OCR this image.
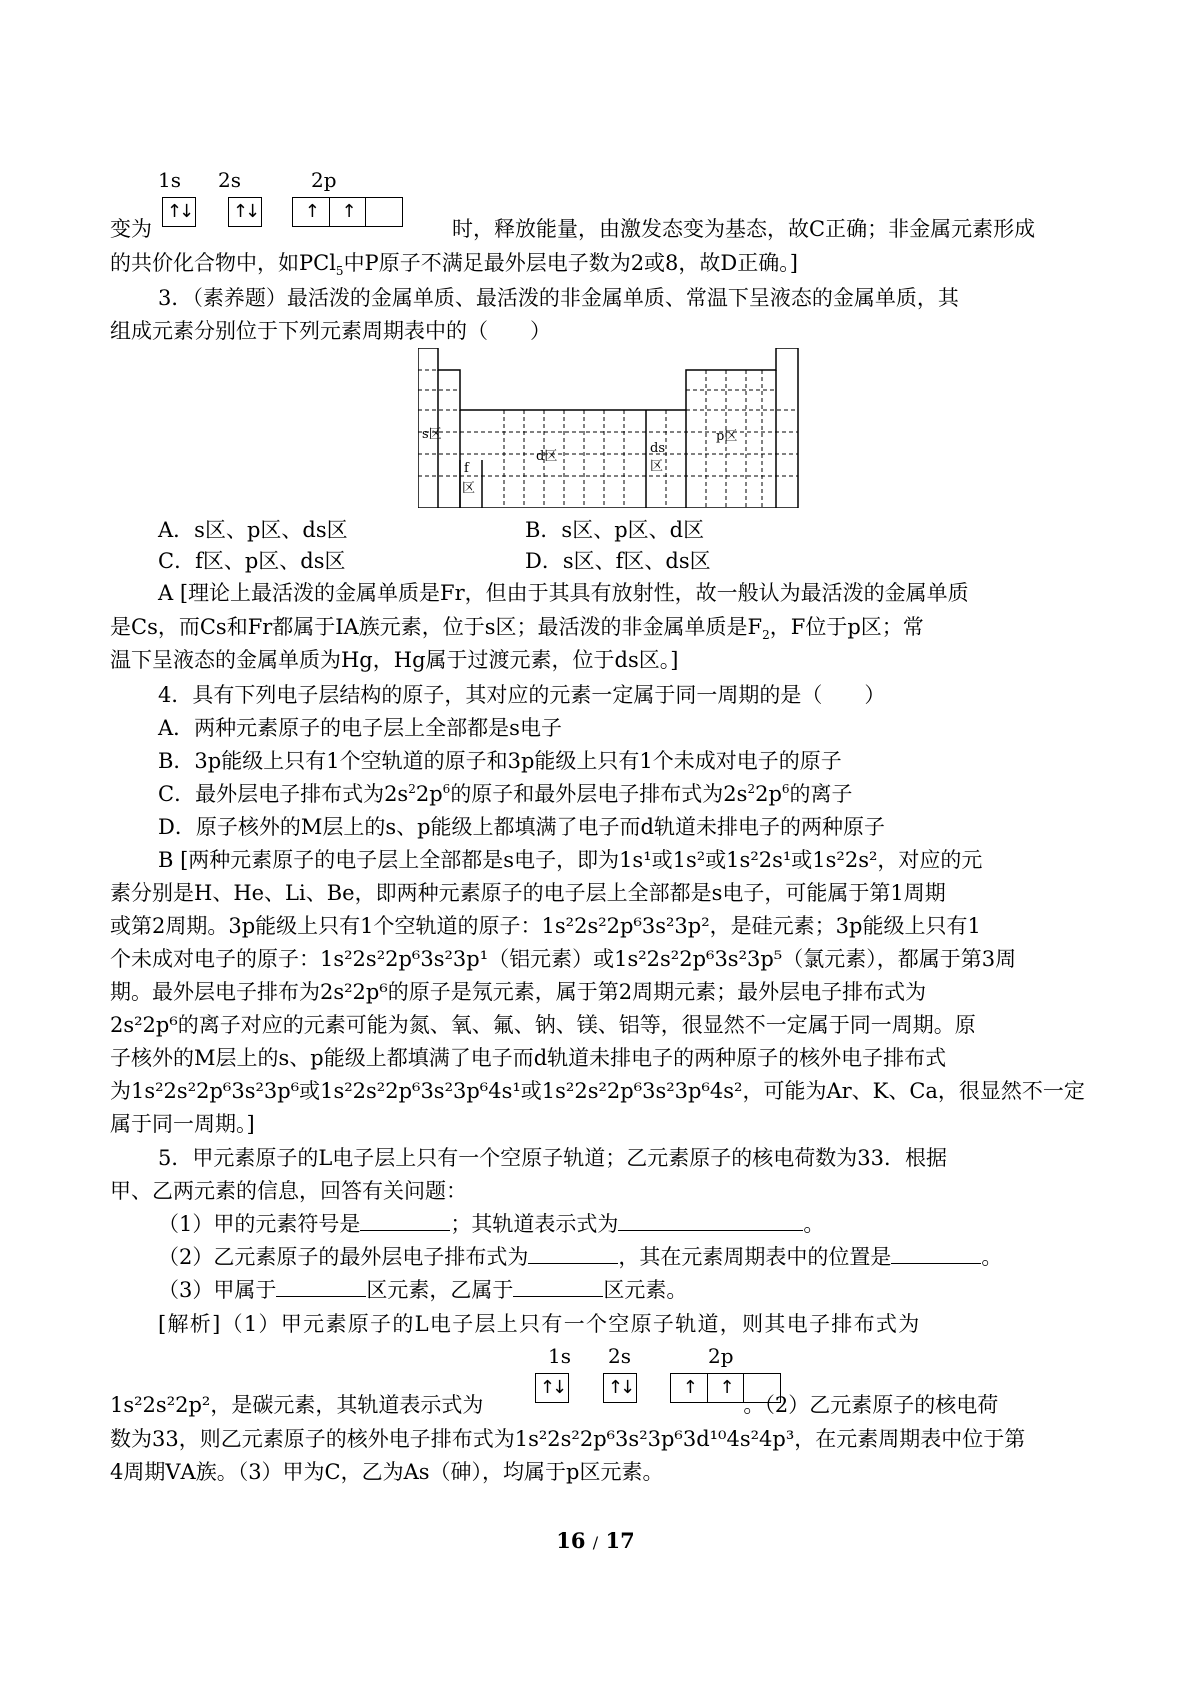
1s 2s	2p
↑↓ ↑↓	↑ ↑
变为	时，释放能量，由激发态变为基态，故C正确；非金属元素形成
的共价化合物中，如PCl$_5$中P原子不满足最外层电子数为2或8，故D正确。]
3．（素养题）最活泼的金属单质、最活泼的非金属单质、常温下呈液态的金属单质，其
组成元素分别位于下列元素周期表中的（　　）
s区
f
区
d区
ds
区
p区
A．s区、p区、ds区	B．s区、p区、d区
C．f区、p区、ds区	D．s区、f区、ds区
A [理论上最活泼的金属单质是Fr，但由于其具有放射性，故一般认为最活泼的金属单质
是Cs，而Cs和Fr都属于ⅠA族元素，位于s区；最活泼的非金属单质是$F_2$，F位于p区；常
温下呈液态的金属单质为Hg，Hg属于过渡元素，位于ds区。]
4．具有下列电子层结构的原子，其对应的元素一定属于同一周期的是（　　）
A．两种元素原子的电子层上全部都是s电子
B．3p能级上只有1个空轨道的原子和3p能级上只有1个未成对电子的原子
C．最外层电子排布式为$2s^22p^6$的原子和最外层电子排布式为$2s^22p^6$的离子
D．原子核外的M层上的s、p能级上都填满了电子而d轨道未排电子的两种原子
B [两种元素原子的电子层上全部都是s电子，即为1s¹或1s²或1s²2s¹或1s²2s²，对应的元
素分别是H、He、Li、Be，即两种元素原子的电子层上全部都是s电子，可能属于第1周期
或第2周期。3p能级上只有1个空轨道的原子：1s²2s²2p⁶3s²3p²，是硅元素；3p能级上只有1
个未成对电子的原子：1s²2s²2p⁶3s²3p¹（铝元素）或1s²2s²2p⁶3s²3p⁵（氯元素），都属于第3周
期。最外层电子排布为2s²2p⁶的原子是氖元素，属于第2周期元素；最外层电子排布式为
2s²2p⁶的离子对应的元素可能为氮、氧、氟、钠、镁、铝等，很显然不一定属于同一周期。原
子核外的M层上的s、p能级上都填满了电子而d轨道未排电子的两种原子的核外电子排布式
为1s²2s²2p⁶3s²3p⁶或1s²2s²2p⁶3s²3p⁶4s¹或1s²2s²2p⁶3s²3p⁶4s²，可能为Ar、K、Ca，很显然不一定
属于同一周期。]
5．甲元素原子的L电子层上只有一个空原子轨道；乙元素原子的核电荷数为33．根据
甲、乙两元素的信息，回答有关问题：
（1）甲的元素符号是	；其轨道表示式为	。
（2）乙元素原子的最外层电子排布式为	，其在元素周期表中的位置是	。
（3）甲属于	区元素，乙属于	区元素。
[解析]（1）甲元素原子的L电子层上只有一个空原子轨道，则其电子排布式为
1s 2s	2p
↑↓ ↑↓	↑ ↑
1s²2s²2p²，是碳元素，其轨道表示式为	。（2）乙元素原子的核电荷
数为33，则乙元素原子的核外电子排布式为1s²2s²2p⁶3s²3p⁶3d¹⁰4s²4p³，在元素周期表中位于第
4周期ⅤA族。（3）甲为C，乙为As（砷），均属于p区元素。
16 / 17
